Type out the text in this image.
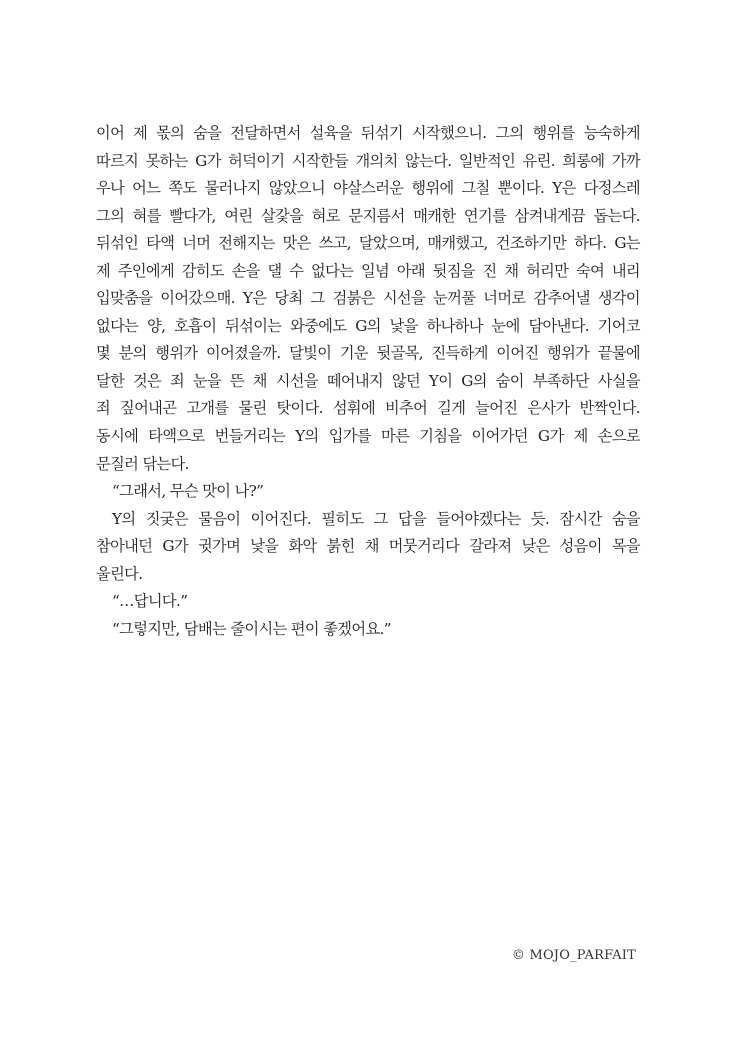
이어 제 몫의 숨을 전달하면서 설육을 뒤섞기 시작했으니. 그의 행위를 능숙하게
따르지 못하는 G가 허덕이기 시작한들 개의치 않는다. 일반적인 유린. 희롱에 가까
우나 어느 쪽도 물러나지 않았으니 야살스러운 행위에 그칠 뿐이다. Y은 다정스레
그의 혀를 빨다가, 여린 살갗을 혀로 문지름서 매캐한 연기를 삼켜내게끔 돕는다.
뒤섞인 타액 너머 전해지는 맛은 쓰고, 달았으며, 매캐했고, 건조하기만 하다. G는
제 주인에게 감히도 손을 댈 수 없다는 일념 아래 뒷짐을 진 채 허리만 숙여 내리
입맞춤을 이어갔으매. Y은 당최 그 검붉은 시선을 눈꺼풀 너머로 감추어낼 생각이
없다는 양, 호흡이 뒤섞이는 와중에도 G의 낯을 하나하나 눈에 담아낸다. 기어코
몇 분의 행위가 이어졌을까. 달빛이 기운 뒷골목, 진득하게 이어진 행위가 끝물에
달한 것은 죄 눈을 뜬 채 시선을 떼어내지 않던 Y이 G의 숨이 부족하단 사실을
죄 짚어내곤 고개를 물린 탓이다. 섬휘에 비추어 길게 늘어진 은사가 반짝인다.
동시에 타액으로 번들거리는 Y의 입가를 마른 기침을 이어가던 G가 제 손으로
문질러 닦는다.
“그래서, 무슨 맛이 나?”
Y의 짓궂은 물음이 이어진다. 필히도 그 답을 들어야겠다는 듯. 잠시간 숨을
참아내던 G가 귓가며 낯을 화악 붉힌 채 머뭇거리다 갈라져 낮은 성음이 목을
울린다.
“…답니다.”
“그렇지만, 담배는 줄이시는 편이 좋겠어요.”
© MOJO_PARFAIT
